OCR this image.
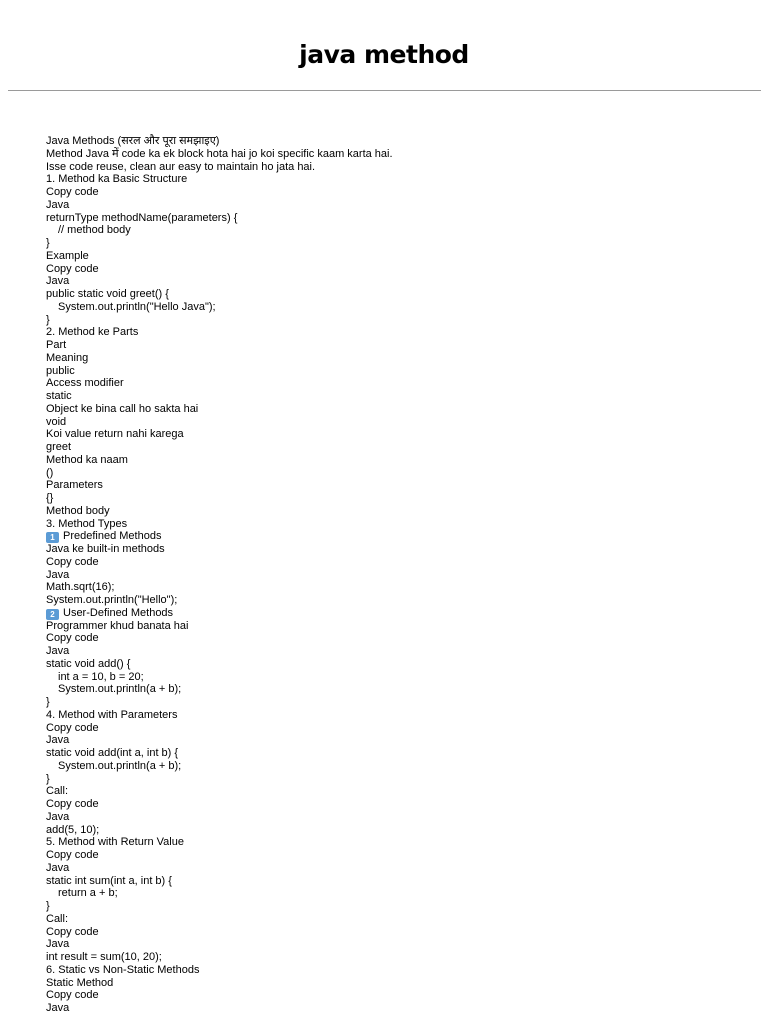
java method
Java Methods (सरल और पूरा समझाइए)
Method Java में code ka ek block hota hai jo koi specific kaam karta hai.
Isse code reuse, clean aur easy to maintain ho jata hai.
1. Method ka Basic Structure
Copy code
Java
returnType methodName(parameters) {
// method body
}
Example
Copy code
Java
public static void greet() {
System.out.println("Hello Java");
}
2. Method ke Parts
Part
Meaning
public
Access modifier
static
Object ke bina call ho sakta hai
void
Koi value return nahi karega
greet
Method ka naam
()
Parameters
{}
Method body
3. Method Types
1 Predefined Methods
Java ke built-in methods
Copy code
Java
Math.sqrt(16);
System.out.println("Hello");
2 User-Defined Methods
Programmer khud banata hai
Copy code
Java
static void add() {
int a = 10, b = 20;
System.out.println(a + b);
}
4. Method with Parameters
Copy code
Java
static void add(int a, int b) {
System.out.println(a + b);
}
Call:
Copy code
Java
add(5, 10);
5. Method with Return Value
Copy code
Java
static int sum(int a, int b) {
return a + b;
}
Call:
Copy code
Java
int result = sum(10, 20);
6. Static vs Non-Static Methods
Static Method
Copy code
Java
